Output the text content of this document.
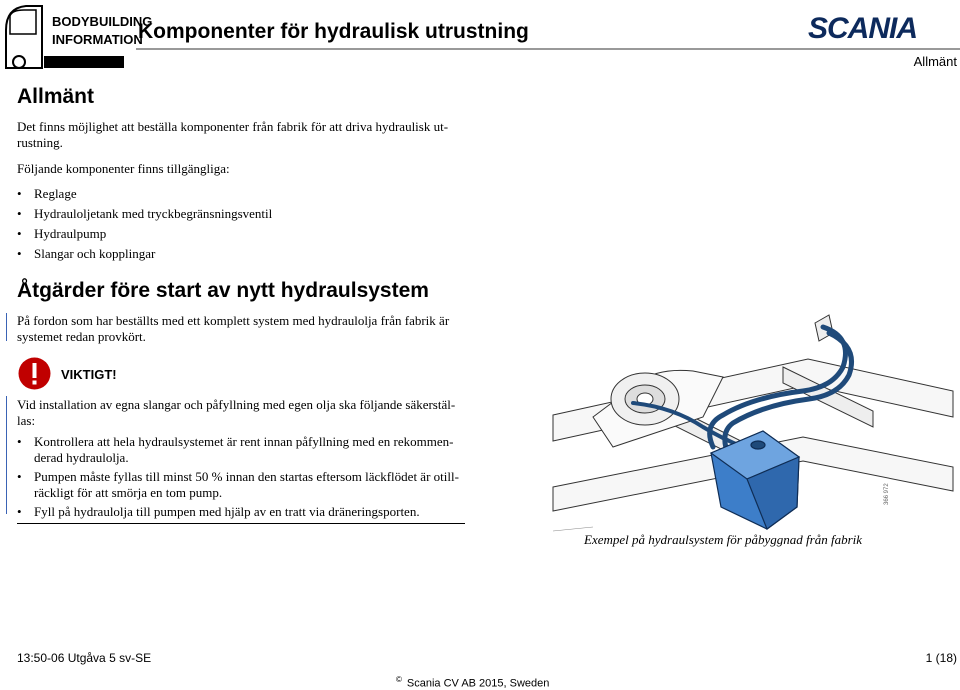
BODYBUILDING
INFORMATION
Komponenter för hydraulisk utrustning	SCANIA
Allmänt
Allmänt
Det finns möjlighet att beställa komponenter från fabrik för att driva hydraulisk ut-rustning.
Följande komponenter finns tillgängliga:
• Reglage
• Hydrauloljetank med tryckbegränsningsventil
• Hydraulpump
• Slangar och kopplingar
Åtgärder före start av nytt hydraulsystem
På fordon som har beställts med ett komplett system med hydraulolja från fabrik är systemet redan provkört.
VIKTIGT!
Vid installation av egna slangar och påfyllning med egen olja ska följande säkerstäl-las:
• Kontrollera att hela hydraulsystemet är rent innan påfyllning med en rekommen-derad hydraulolja.
• Pumpen måste fyllas till minst 50 % innan den startas eftersom läckflödet är otill-räckligt för att smörja en tom pump.
• Fyll på hydraulolja till pumpen med hjälp av en tratt via dräneringsporten.
366 972
Exempel på hydraulsystem för påbyggnad från fabrik
13:50-06 Utgåva 5 sv-SE	1 (18)
© Scania CV AB 2015, Sweden
